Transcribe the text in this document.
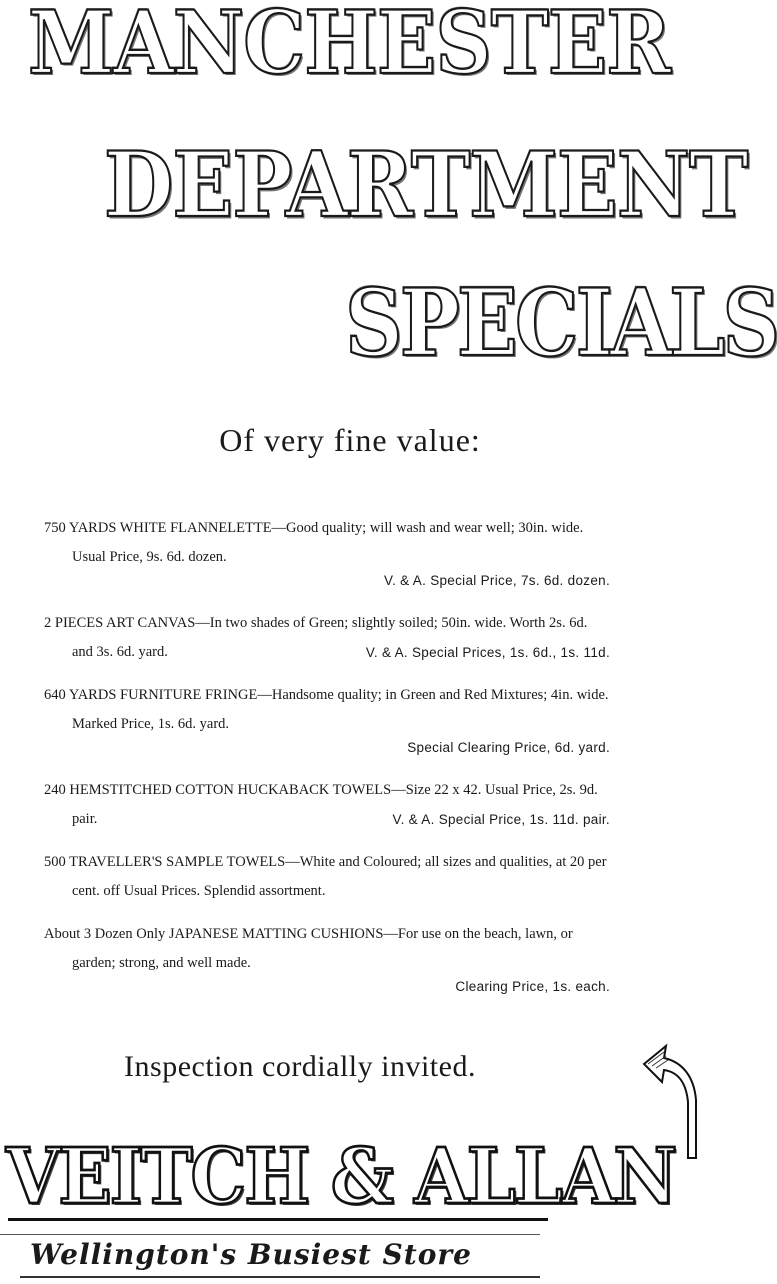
MANCHESTER
DEPARTMENT
SPECIALS
Of very fine value:
750 YARDS WHITE FLANNELETTE—Good quality; will wash and wear well; 30in. wide. Usual Price, 9s. 6d. dozen.
V. & A. Special Price, 7s. 6d. dozen.
2 PIECES ART CANVAS—In two shades of Green; slightly soiled; 50in. wide. Worth 2s. 6d. and 3s. 6d. yard.	V. & A. Special Prices, 1s. 6d., 1s. 11d.
640 YARDS FURNITURE FRINGE—Handsome quality; in Green and Red Mixtures; 4in. wide. Marked Price, 1s. 6d. yard.
Special Clearing Price, 6d. yard.
240 HEMSTITCHED COTTON HUCKABACK TOWELS—Size 22 x 42. Usual Price, 2s. 9d. pair.	V. & A. Special Price, 1s. 11d. pair.
500 TRAVELLER'S SAMPLE TOWELS—White and Coloured; all sizes and qualities, at 20 per cent. off Usual Prices. Splendid assortment.
About 3 Dozen Only JAPANESE MATTING CUSHIONS—For use on the beach, lawn, or garden; strong, and well made.
Clearing Price, 1s. each.
Inspection cordially invited.
VEITCH & ALLAN
Wellington's Busiest Store
